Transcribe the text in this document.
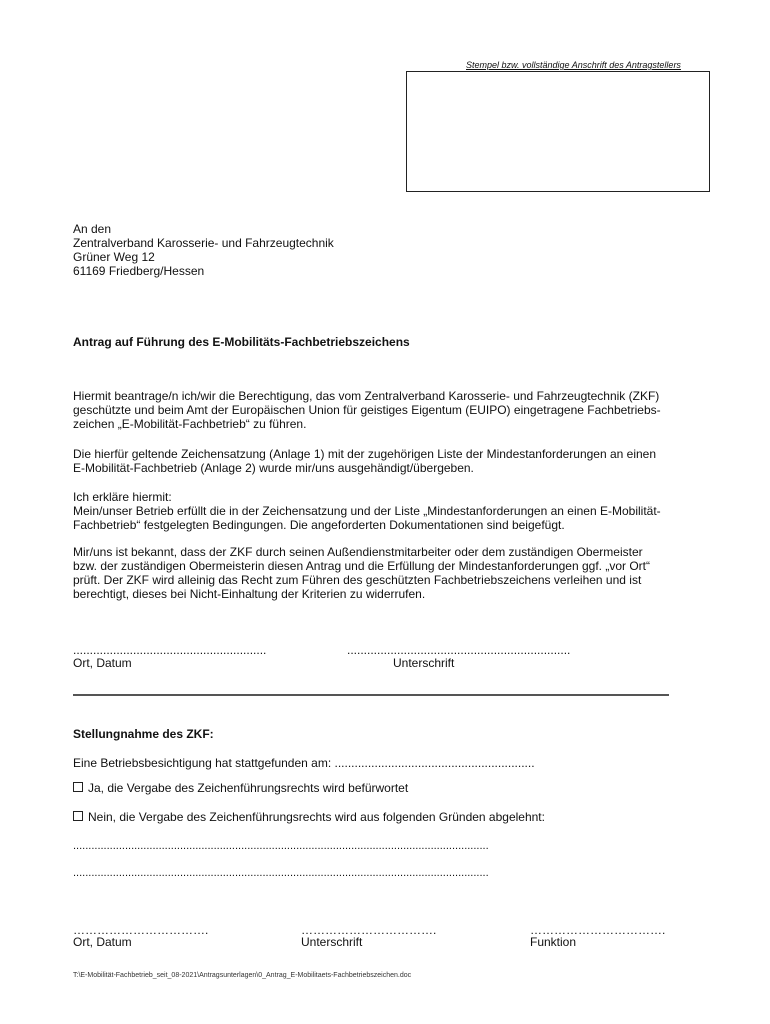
Stempel bzw. vollständige Anschrift des Antragstellers
An den
Zentralverband Karosserie- und Fahrzeugtechnik
Grüner Weg 12
61169 Friedberg/Hessen
Antrag auf Führung des E-Mobilitäts-Fachbetriebszeichens
Hiermit beantrage/n ich/wir die Berechtigung, das vom Zentralverband Karosserie- und Fahrzeugtechnik (ZKF)
geschützte und beim Amt der Europäischen Union für geistiges Eigentum (EUIPO) eingetragene Fachbetriebs-
zeichen „E-Mobilität-Fachbetrieb“ zu führen.
Die hierfür geltende Zeichensatzung (Anlage 1) mit der zugehörigen Liste der Mindestanforderungen an einen
E-Mobilität-Fachbetrieb (Anlage 2) wurde mir/uns ausgehändigt/übergeben.
Ich erkläre hiermit:
Mein/unser Betrieb erfüllt die in der Zeichensatzung und der Liste „Mindestanforderungen an einen E-Mobilität-
Fachbetrieb“ festgelegten Bedingungen. Die angeforderten Dokumentationen sind beigefügt.
Mir/uns ist bekannt, dass der ZKF durch seinen Außendienstmitarbeiter oder dem zuständigen Obermeister
bzw. der zuständigen Obermeisterin diesen Antrag und die Erfüllung der Mindestanforderungen ggf. „vor Ort“
prüft. Der ZKF wird alleinig das Recht zum Führen des geschützten Fachbetriebszeichens verleihen und ist
berechtigt, dieses bei Nicht-Einhaltung der Kriterien zu widerrufen.
..........................................................	...................................................................
Ort, Datum	Unterschrift
Stellungnahme des ZKF:
Eine Betriebsbesichtigung hat stattgefunden am: ............................................................
Ja, die Vergabe des Zeichenführungsrechts wird befürwortet
Nein, die Vergabe des Zeichenführungsrechts wird aus folgenden Gründen abgelehnt:
........................................................................................................................................
........................................................................................................................................
…………………………….	…………………………….	…………………………….
Ort, Datum	Unterschrift	Funktion
T:\E-Mobilität-Fachbetrieb_seit_08-2021\Antragsunterlagen\0_Antrag_E-Mobilitaets-Fachbetriebszeichen.doc
